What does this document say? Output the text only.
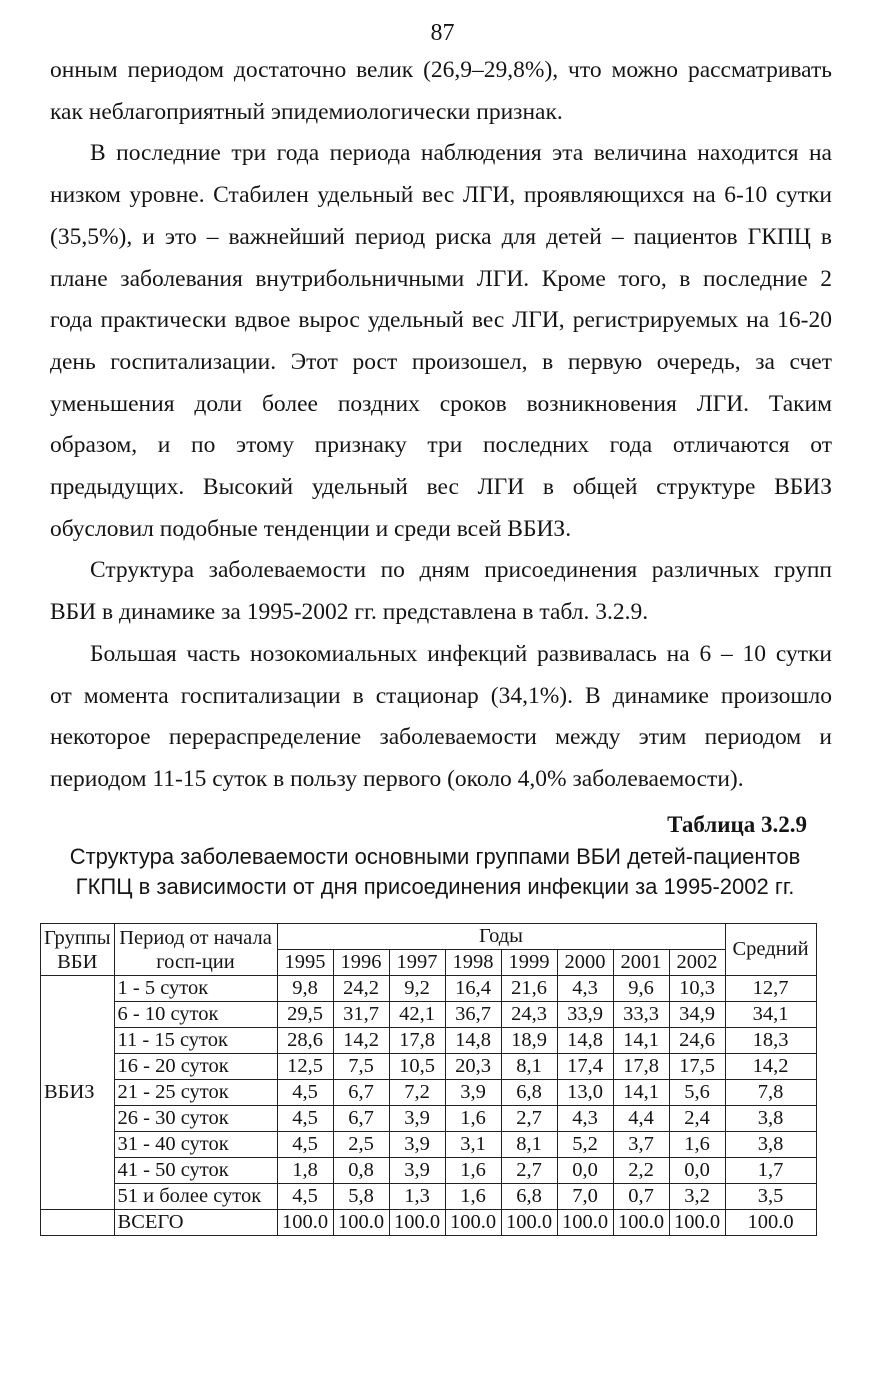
87

онным периодом достаточно велик (26,9–29,8%), что можно рассматривать

как неблагоприятный эпидемиологически признак.

В последние три года периода наблюдения эта величина находится на

низком уровне. Стабилен удельный вес ЛГИ, проявляющихся на 6-10 сутки

(35,5%), и это – важнейший период риска для детей – пациентов ГКПЦ в

плане заболевания внутрибольничными ЛГИ. Кроме того, в последние 2

года практически вдвое вырос удельный вес ЛГИ, регистрируемых на 16-20

день госпитализации. Этот рост произошел, в первую очередь, за счет

уменьшения доли более поздних сроков возникновения ЛГИ. Таким

образом, и по этому признаку три последних года отличаются от

предыдущих. Высокий удельный вес ЛГИ в общей структуре ВБИЗ

обусловил подобные тенденции и среди всей ВБИЗ.

Структура заболеваемости по дням присоединения различных групп

ВБИ в динамике за 1995-2002 гг. представлена в табл. 3.2.9.

Большая часть нозокомиальных инфекций развивалась на 6 – 10 сутки

от момента госпитализации в стационар (34,1%). В динамике произошло

некоторое перераспределение заболеваемости между этим периодом и

периодом 11-15 суток в пользу первого (около 4,0% заболеваемости).

Таблица 3.2.9
Структура заболеваемости основными группами ВБИ детей-пациентов
ГКПЦ в зависимости от дня присоединения инфекции за 1995-2002 гг.
Группы ВБИ	Период от начала госп-ции	Годы								Средний
		1995	1996	1997	1998	1999	2000	2001	2002	
ВБИЗ	1 - 5 суток	9,8	24,2	9,2	16,4	21,6	4,3	9,6	10,3	12,7
	6 - 10 суток	29,5	31,7	42,1	36,7	24,3	33,9	33,3	34,9	34,1
	11 - 15 суток	28,6	14,2	17,8	14,8	18,9	14,8	14,1	24,6	18,3
	16 - 20 суток	12,5	7,5	10,5	20,3	8,1	17,4	17,8	17,5	14,2
	21 - 25 суток	4,5	6,7	7,2	3,9	6,8	13,0	14,1	5,6	7,8
	26 - 30 суток	4,5	6,7	3,9	1,6	2,7	4,3	4,4	2,4	3,8
	31 - 40 суток	4,5	2,5	3,9	3,1	8,1	5,2	3,7	1,6	3,8
	41 - 50 суток	1,8	0,8	3,9	1,6	2,7	0,0	2,2	0,0	1,7
	51 и более суток	4,5	5,8	1,3	1,6	6,8	7,0	0,7	3,2	3,5
	ВСЕГО	100.0	100.0	100.0	100.0	100.0	100.0	100.0	100.0	100.0
